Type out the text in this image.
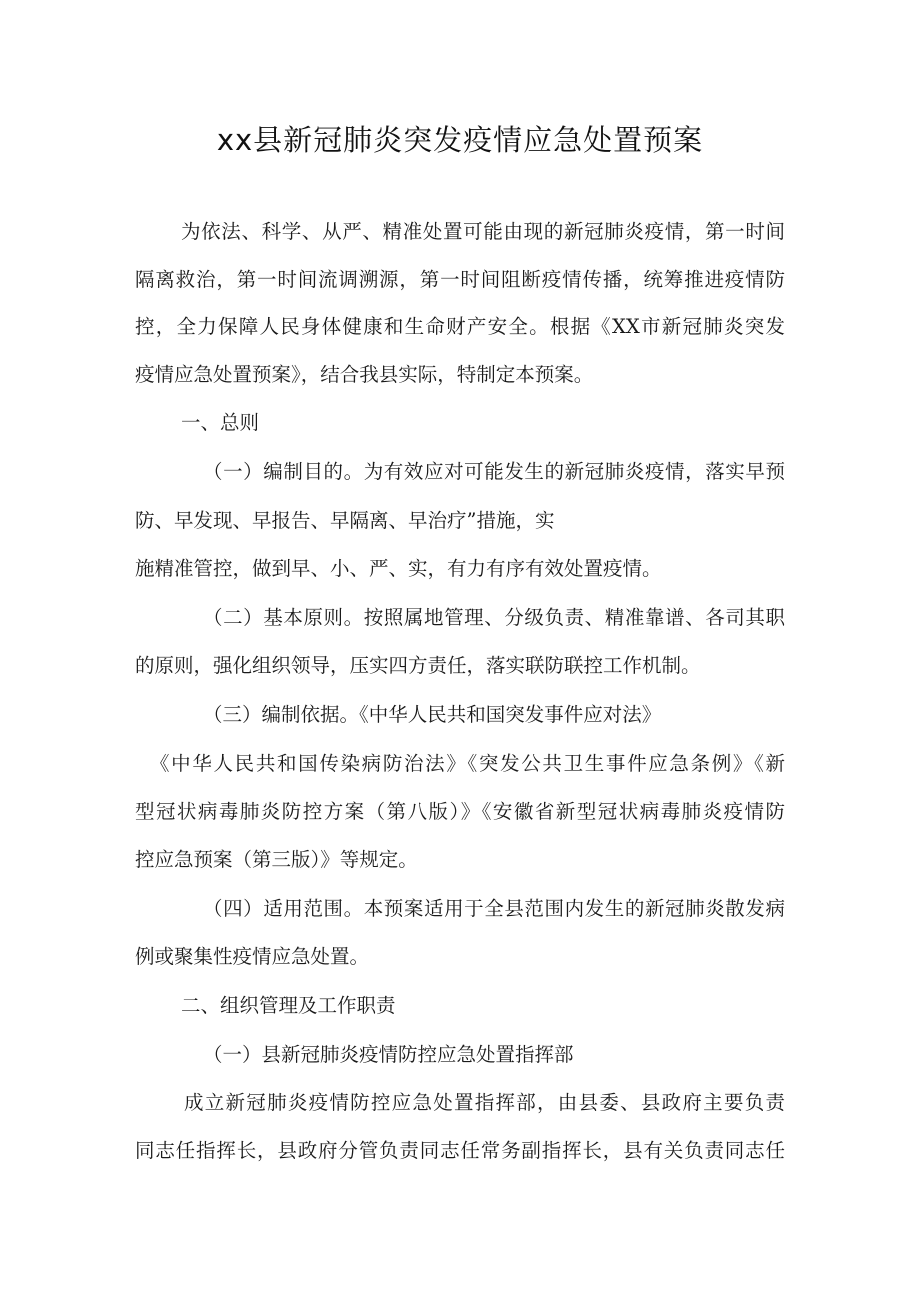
xx县新冠肺炎突发疫情应急处置预案

为依法、科学、从严、精准处置可能由现的新冠肺炎疫情，第一时间

隔离救治，第一时间流调溯源，第一时间阻断疫情传播，统筹推进疫情防

控，全力保障人民身体健康和生命财产安全。根据《XX市新冠肺炎突发

疫情应急处置预案》，结合我县实际，特制定本预案。

一、总则

（一）编制目的。为有效应对可能发生的新冠肺炎疫情，落实早预

防、早发现、早报告、早隔离、早治疗”措施，实

施精准管控，做到早、小、严、实，有力有序有效处置疫情。

（二）基本原则。按照属地管理、分级负责、精准靠谱、各司其职

的原则，强化组织领导，压实四方责任，落实联防联控工作机制。

（三）编制依据。《中华人民共和国突发事件应对法》

《中华人民共和国传染病防治法》《突发公共卫生事件应急条例》《新

型冠状病毒肺炎防控方案（第八版）》《安徽省新型冠状病毒肺炎疫情防

控应急预案（第三版）》等规定。

（四）适用范围。本预案适用于全县范围内发生的新冠肺炎散发病

例或聚集性疫情应急处置。

二、组织管理及工作职责

（一）县新冠肺炎疫情防控应急处置指挥部

成立新冠肺炎疫情防控应急处置指挥部，由县委、县政府主要负责

同志任指挥长，县政府分管负责同志任常务副指挥长，县有关负责同志任
